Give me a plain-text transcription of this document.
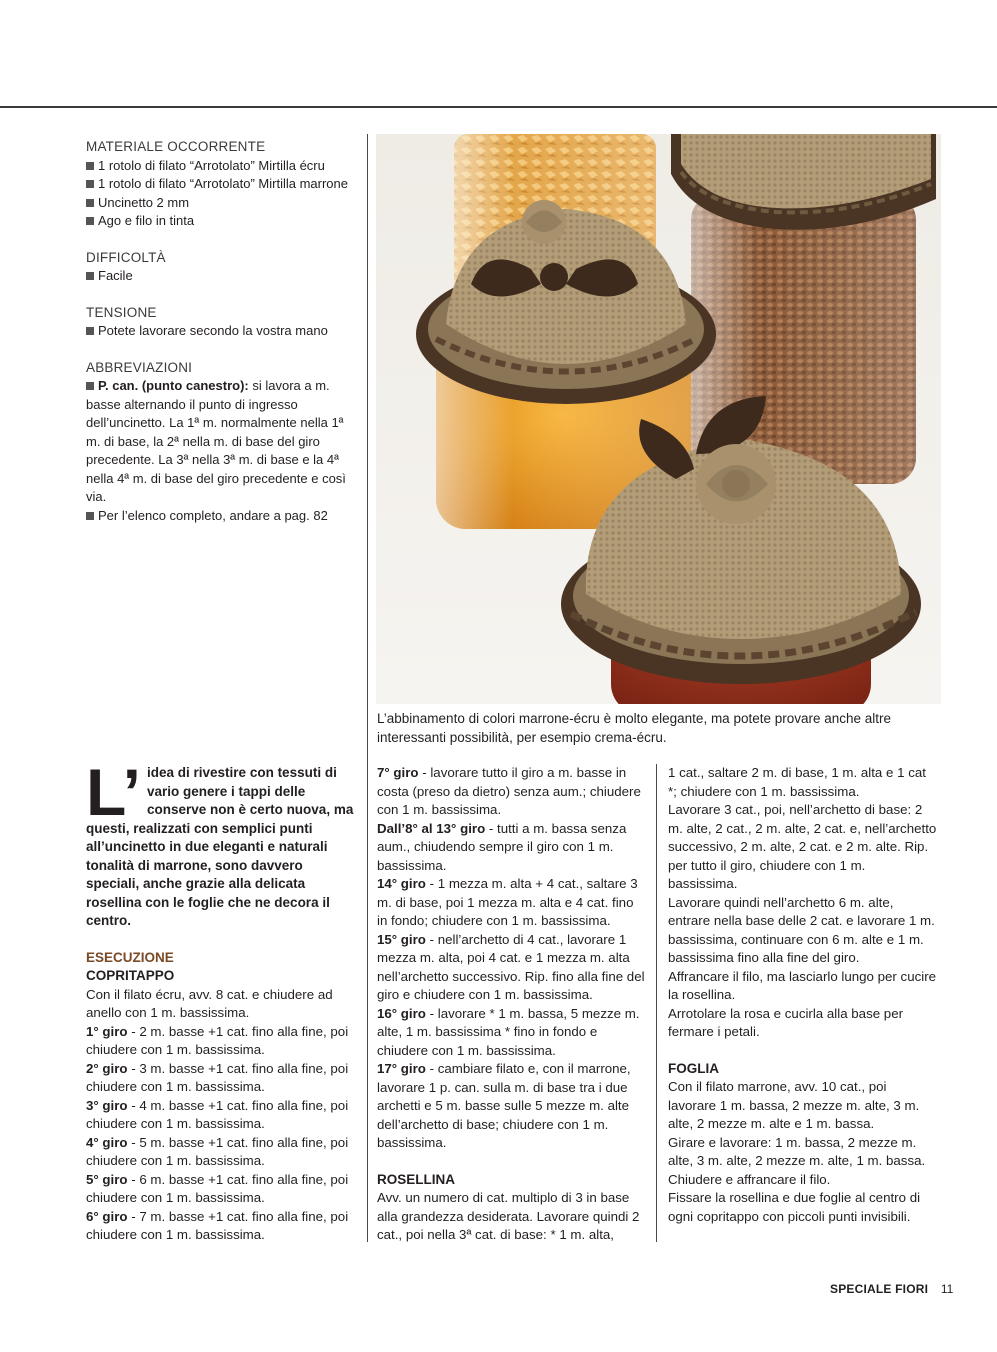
MATERIALE OCCORRENTE
1 rotolo di filato “Arrotolato” Mirtilla écru
1 rotolo di filato “Arrotolato” Mirtilla marrone
Uncinetto 2 mm
Ago e filo in tinta
DIFFICOLTÀ
Facile
TENSIONE
Potete lavorare secondo la vostra mano
ABBREVIAZIONI
P. can. (punto canestro): si lavora a m. basse alternando il punto di ingresso dell’uncinetto. La 1ª m. normalmente nella 1ª m. di base, la 2ª nella m. di base del giro precedente. La 3ª nella 3ª m. di base e la 4ª nella 4ª m. di base del giro precedente e così via.
Per l’elenco completo, andare a pag. 82
L’abbinamento di colori marrone-écru è molto elegante, ma potete provare anche altre interessanti possibilità, per esempio crema-écru.

L’ idea di rivestire con tessuti di vario genere i tappi delle conserve non è certo nuova, ma questi, realizzati con semplici punti all’uncinetto in due eleganti e naturali tonalità di marrone, sono davvero speciali, anche grazie alla delicata rosellina con le foglie che ne decora il centro.

ESECUZIONE
COPRITAPPO

Con il filato écru, avv. 8 cat. e chiudere ad anello con 1 m. bassissima.

1° giro - 2 m. basse +1 cat. fino alla fine, poi chiudere con 1 m. bassissima.

2° giro - 3 m. basse +1 cat. fino alla fine, poi chiudere con 1 m. bassissima.

3° giro - 4 m. basse +1 cat. fino alla fine, poi chiudere con 1 m. bassissima.

4° giro - 5 m. basse +1 cat. fino alla fine, poi chiudere con 1 m. bassissima.

5° giro - 6 m. basse +1 cat. fino alla fine, poi chiudere con 1 m. bassissima.

6° giro - 7 m. basse +1 cat. fino alla fine, poi chiudere con 1 m. bassissima.

7° giro - lavorare tutto il giro a m. basse in costa (preso da dietro) senza aum.; chiudere con 1 m. bassissima.

Dall’8° al 13° giro - tutti a m. bassa senza aum., chiudendo sempre il giro con 1 m. bassissima.

14° giro - 1 mezza m. alta + 4 cat., saltare 3 m. di base, poi 1 mezza m. alta e 4 cat. fino in fondo; chiudere con 1 m. bassissima.

15° giro - nell’archetto di 4 cat., lavorare 1 mezza m. alta, poi 4 cat. e 1 mezza m. alta nell’archetto successivo. Rip. fino alla fine del giro e chiudere con 1 m. bassissima.

16° giro - lavorare * 1 m. bassa, 5 mezze m. alte, 1 m. bassissima * fino in fondo e chiudere con 1 m. bassissima.

17° giro - cambiare filato e, con il marrone, lavorare 1 p. can. sulla m. di base tra i due archetti e 5 m. basse sulle 5 mezze m. alte dell’archetto di base; chiudere con 1 m. bassissima.

ROSELLINA

Avv. un numero di cat. multiplo di 3 in base alla grandezza desiderata. Lavorare quindi 2 cat., poi nella 3ª cat. di base: * 1 m. alta,

1 cat., saltare 2 m. di base, 1 m. alta e 1 cat *; chiudere con 1 m. bassissima.

Lavorare 3 cat., poi, nell’archetto di base: 2 m. alte, 2 cat., 2 m. alte, 2 cat. e, nell’archetto successivo, 2 m. alte, 2 cat. e 2 m. alte. Rip. per tutto il giro, chiudere con 1 m. bassissima.

Lavorare quindi nell’archetto 6 m. alte, entrare nella base delle 2 cat. e lavorare 1 m. bassissima, continuare con 6 m. alte e 1 m. bassissima fino alla fine del giro.

Affrancare il filo, ma lasciarlo lungo per cucire la rosellina.

Arrotolare la rosa e cucirla alla base per fermare i petali.

FOGLIA

Con il filato marrone, avv. 10 cat., poi lavorare 1 m. bassa, 2 mezze m. alte, 3 m. alte, 2 mezze m. alte e 1 m. bassa.

Girare e lavorare: 1 m. bassa, 2 mezze m. alte, 3 m. alte, 2 mezze m. alte, 1 m. bassa.

Chiudere e affrancare il filo.

Fissare la rosellina e due foglie al centro di ogni copritappo con piccoli punti invisibili.

SPECIALE FIORI 11
